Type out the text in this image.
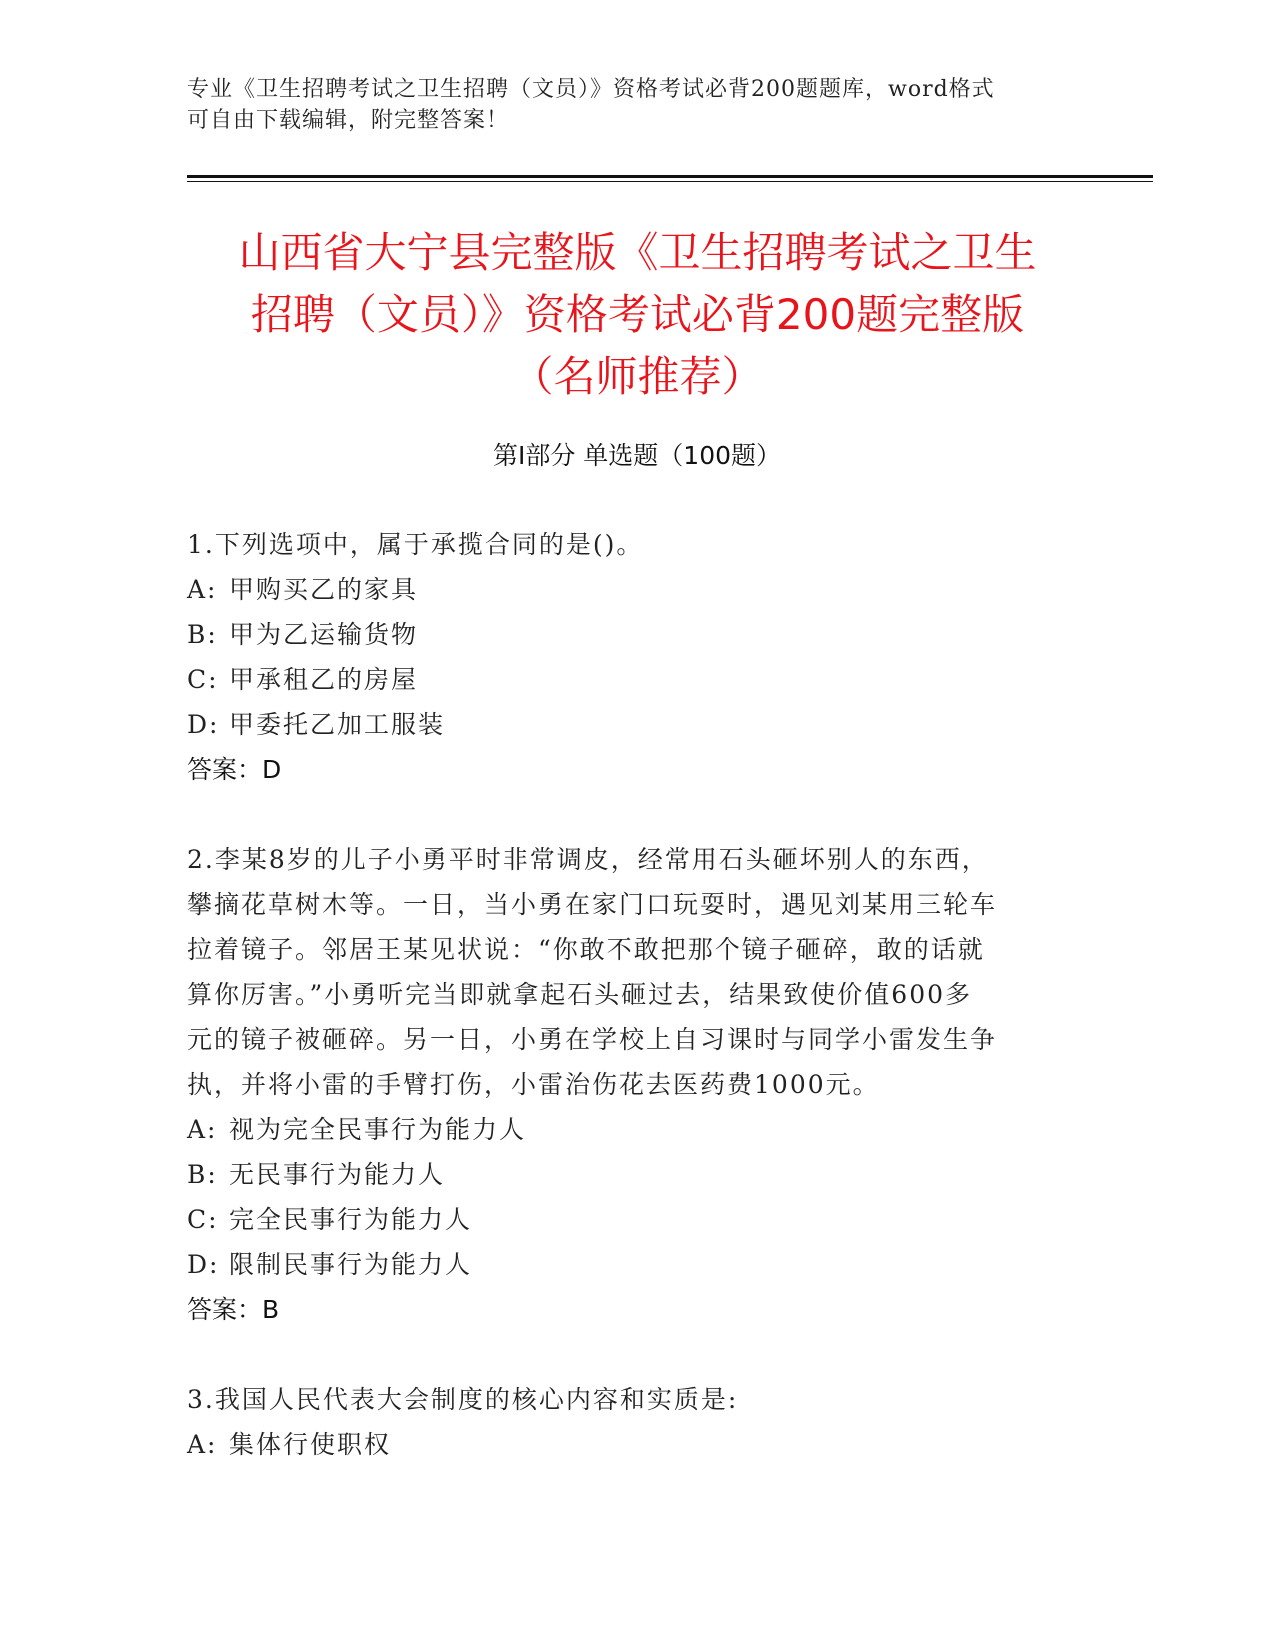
专业《卫生招聘考试之卫生招聘（文员）》资格考试必背200题题库，word格式
可自由下载编辑，附完整答案！

山西省大宁县完整版《卫生招聘考试之卫生
招聘（文员）》资格考试必背200题完整版
（名师推荐）
第Ⅰ部分 单选题（100题）

1.下列选项中，属于承揽合同的是()。

A: 甲购买乙的家具

B: 甲为乙运输货物

C: 甲承租乙的房屋

D: 甲委托乙加工服装

答案：D

2.李某8岁的儿子小勇平时非常调皮，经常用石头砸坏别人的东西，
攀摘花草树木等。一日，当小勇在家门口玩耍时，遇见刘某用三轮车
拉着镜子。邻居王某见状说：“你敢不敢把那个镜子砸碎，敢的话就
算你厉害。”小勇听完当即就拿起石头砸过去，结果致使价值600多
元的镜子被砸碎。另一日，小勇在学校上自习课时与同学小雷发生争
执，并将小雷的手臂打伤，小雷治伤花去医药费1000元。

A: 视为完全民事行为能力人

B: 无民事行为能力人

C: 完全民事行为能力人

D: 限制民事行为能力人

答案：B

3.我国人民代表大会制度的核心内容和实质是:

A: 集体行使职权
